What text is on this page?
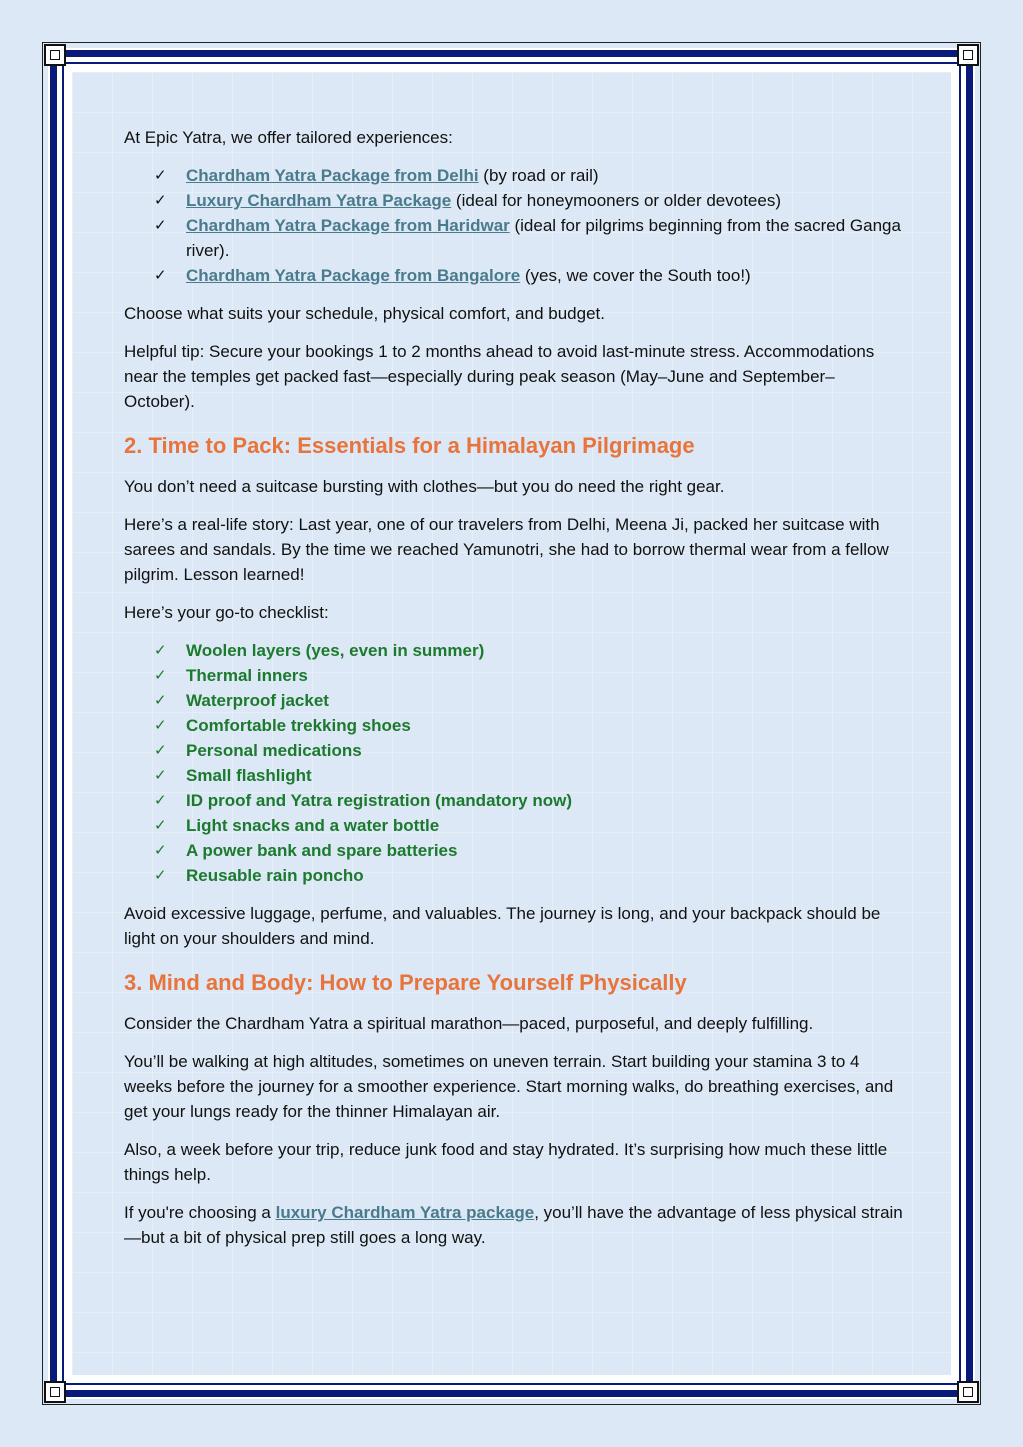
At Epic Yatra, we offer tailored experiences:

✓ Chardham Yatra Package from Delhi (by road or rail)
✓ Luxury Chardham Yatra Package (ideal for honeymooners or older devotees)
✓ Chardham Yatra Package from Haridwar (ideal for pilgrims beginning from the sacred Ganga river).
✓ Chardham Yatra Package from Bangalore (yes, we cover the South too!)

Choose what suits your schedule, physical comfort, and budget.

Helpful tip: Secure your bookings 1 to 2 months ahead to avoid last-minute stress. Accommodations near the temples get packed fast—especially during peak season (May–June and September–October).

2. Time to Pack: Essentials for a Himalayan Pilgrimage

You don’t need a suitcase bursting with clothes—but you do need the right gear.

Here’s a real-life story: Last year, one of our travelers from Delhi, Meena Ji, packed her suitcase with sarees and sandals. By the time we reached Yamunotri, she had to borrow thermal wear from a fellow pilgrim. Lesson learned!

Here’s your go-to checklist:

✓ Woolen layers (yes, even in summer)
✓ Thermal inners
✓ Waterproof jacket
✓ Comfortable trekking shoes
✓ Personal medications
✓ Small flashlight
✓ ID proof and Yatra registration (mandatory now)
✓ Light snacks and a water bottle
✓ A power bank and spare batteries
✓ Reusable rain poncho

Avoid excessive luggage, perfume, and valuables. The journey is long, and your backpack should be light on your shoulders and mind.

3. Mind and Body: How to Prepare Yourself Physically

Consider the Chardham Yatra a spiritual marathon—paced, purposeful, and deeply fulfilling.

You’ll be walking at high altitudes, sometimes on uneven terrain. Start building your stamina 3 to 4 weeks before the journey for a smoother experience. Start morning walks, do breathing exercises, and get your lungs ready for the thinner Himalayan air.

Also, a week before your trip, reduce junk food and stay hydrated. It’s surprising how much these little things help.

If you're choosing a luxury Chardham Yatra package, you’ll have the advantage of less physical strain—but a bit of physical prep still goes a long way.
